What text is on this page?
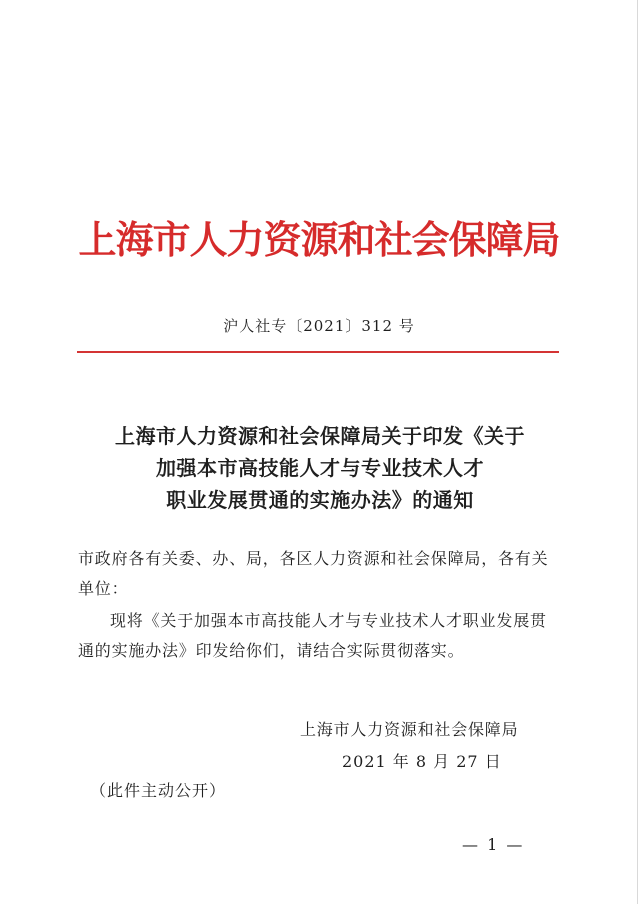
上海市人力资源和社会保障局
沪人社专〔2021〕312 号
上海市人力资源和社会保障局关于印发《关于
加强本市高技能人才与专业技术人才
职业发展贯通的实施办法》的通知
市政府各有关委、办、局，各区人力资源和社会保障局，各有关
单位：
现将《关于加强本市高技能人才与专业技术人才职业发展贯
通的实施办法》印发给你们，请结合实际贯彻落实。
上海市人力资源和社会保障局
2021 年 8 月 27 日
（此件主动公开）
— 1 —
